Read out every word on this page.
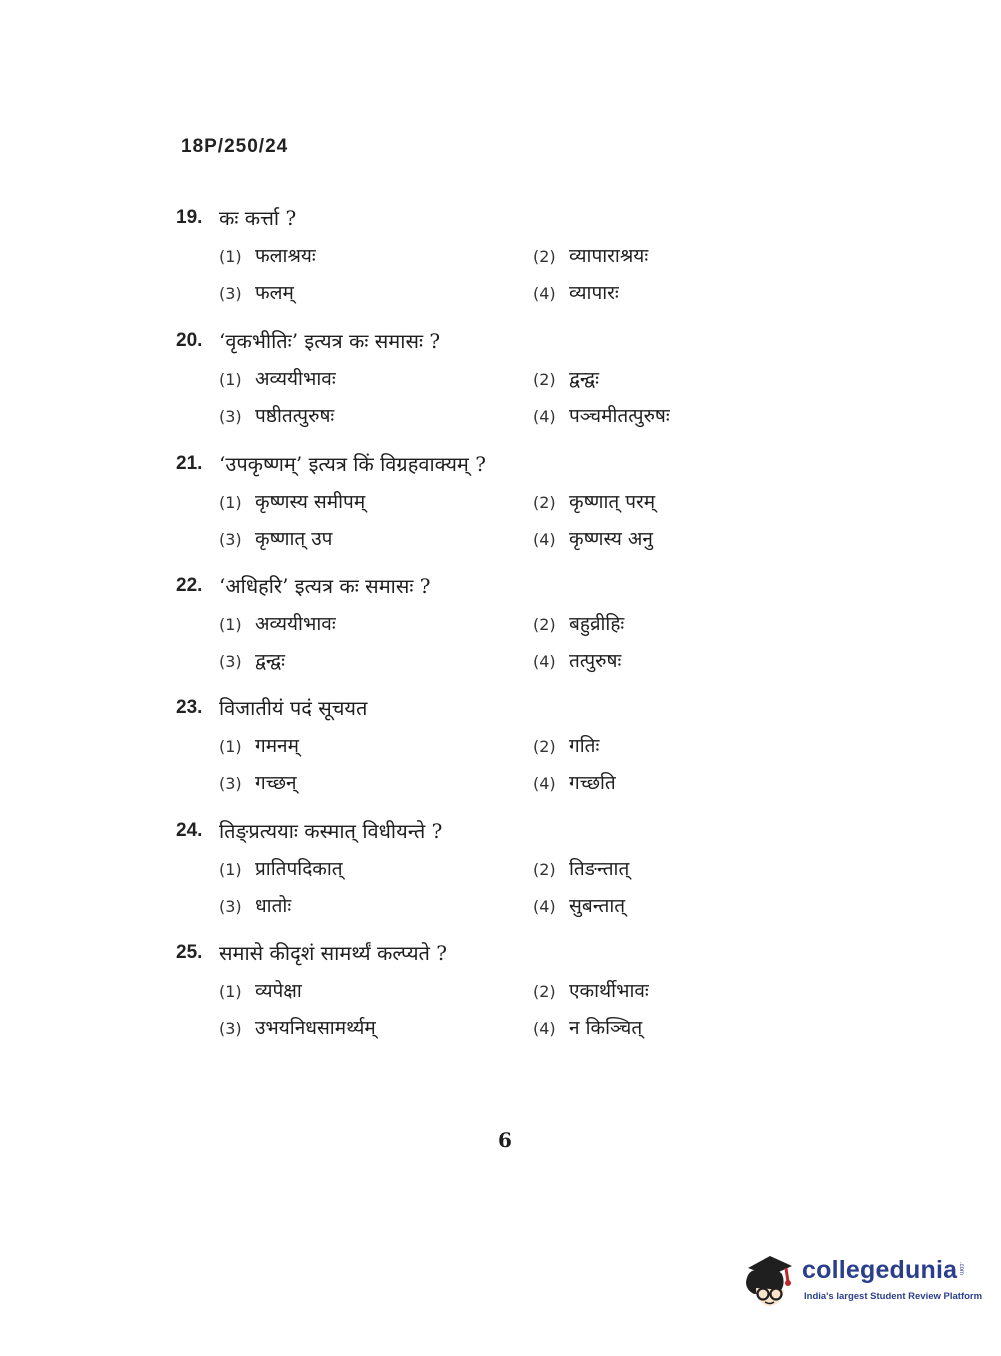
18P/250/24
19. कः कर्त्ता ?
(1) फलाश्रयः	(2) व्यापाराश्रयः
(3) फलम्	(4) व्यापारः
20. ‘वृकभीतिः’ इत्यत्र कः समासः ?
(1) अव्ययीभावः	(2) द्वन्द्वः
(3) पष्ठीतत्पुरुषः	(4) पञ्चमीतत्पुरुषः
21. ‘उपकृष्णम्’ इत्यत्र किं विग्रहवाक्यम् ?
(1) कृष्णस्य समीपम्	(2) कृष्णात् परम्
(3) कृष्णात् उप	(4) कृष्णस्य अनु
22. ‘अधिहरि’ इत्यत्र कः समासः ?
(1) अव्ययीभावः	(2) बहुव्रीहिः
(3) द्वन्द्वः	(4) तत्पुरुषः
23. विजातीयं पदं सूचयत
(1) गमनम्	(2) गतिः
(3) गच्छन्	(4) गच्छति
24. तिङ्प्रत्ययाः कस्मात् विधीयन्ते ?
(1) प्रातिपदिकात्	(2) तिङन्तात्
(3) धातोः	(4) सुबन्तात्
25. समासे कीदृशं सामर्थ्यं कल्प्यते ?
(1) व्यपेक्षा	(2) एकार्थीभावः
(3) उभयनिधसामर्थ्यम्	(4) न किञ्चित्
6
collegedunia .com
India's largest Student Review Platform
